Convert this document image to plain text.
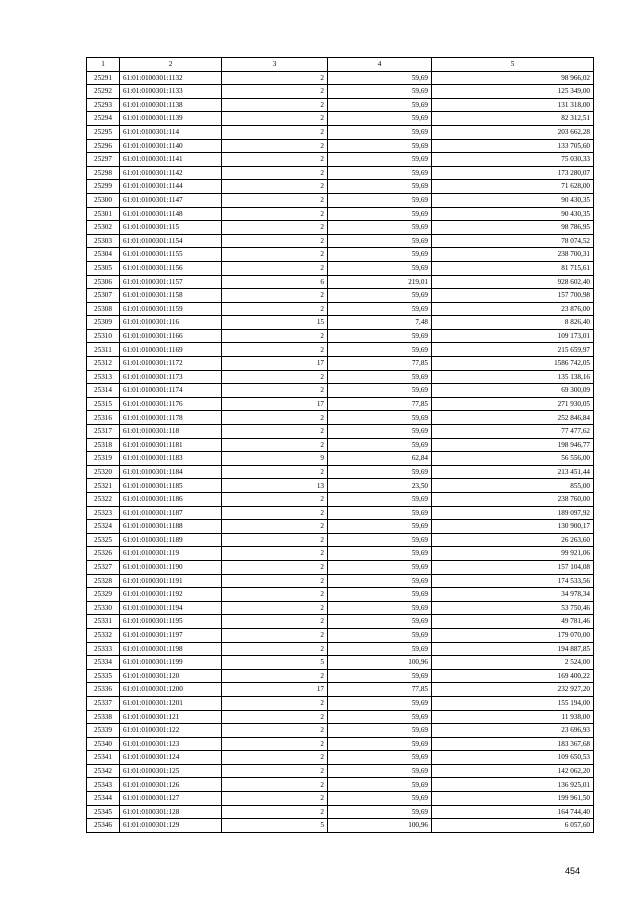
1	2	3	4	5
25291	61:01:0100301:1132	2	59,69	98 966,02
25292	61:01:0100301:1133	2	59,69	125 349,00
25293	61:01:0100301:1138	2	59,69	131 318,00
25294	61:01:0100301:1139	2	59,69	82 312,51
25295	61:01:0100301:114	2	59,69	203 662,28
25296	61:01:0100301:1140	2	59,69	133 705,60
25297	61:01:0100301:1141	2	59,69	75 030,33
25298	61:01:0100301:1142	2	59,69	173 280,07
25299	61:01:0100301:1144	2	59,69	71 628,00
25300	61:01:0100301:1147	2	59,69	90 430,35
25301	61:01:0100301:1148	2	59,69	90 430,35
25302	61:01:0100301:115	2	59,69	98 786,95
25303	61:01:0100301:1154	2	59,69	78 074,52
25304	61:01:0100301:1155	2	59,69	238 700,31
25305	61:01:0100301:1156	2	59,69	81 715,61
25306	61:01:0100301:1157	6	219,01	928 602,40
25307	61:01:0100301:1158	2	59,69	157 700,98
25308	61:01:0100301:1159	2	59,69	23 876,00
25309	61:01:0100301:116	15	7,48	8 826,40
25310	61:01:0100301:1166	2	59,69	109 173,01
25311	61:01:0100301:1169	2	59,69	215 659,97
25312	61:01:0100301:1172	17	77,85	1586 742,05
25313	61:01:0100301:1173	2	59,69	135 138,16
25314	61:01:0100301:1174	2	59,69	69 300,09
25315	61:01:0100301:1176	17	77,85	271 930,05
25316	61:01:0100301:1178	2	59,69	252 846,84
25317	61:01:0100301:118	2	59,69	77 477,62
25318	61:01:0100301:1181	2	59,69	198 946,77
25319	61:01:0100301:1183	9	62,84	56 556,00
25320	61:01:0100301:1184	2	59,69	213 451,44
25321	61:01:0100301:1185	13	23,50	855,00
25322	61:01:0100301:1186	2	59,69	238 760,00
25323	61:01:0100301:1187	2	59,69	189 097,92
25324	61:01:0100301:1188	2	59,69	130 900,17
25325	61:01:0100301:1189	2	59,69	26 263,60
25326	61:01:0100301:119	2	59,69	99 921,06
25327	61:01:0100301:1190	2	59,69	157 104,08
25328	61:01:0100301:1191	2	59,69	174 533,56
25329	61:01:0100301:1192	2	59,69	34 978,34
25330	61:01:0100301:1194	2	59,69	53 750,46
25331	61:01:0100301:1195	2	59,69	49 781,46
25332	61:01:0100301:1197	2	59,69	179 070,00
25333	61:01:0100301:1198	2	59,69	194 887,85
25334	61:01:0100301:1199	5	100,96	2 524,00
25335	61:01:0100301:120	2	59,69	169 400,22
25336	61:01:0100301:1200	17	77,85	232 927,20
25337	61:01:0100301:1201	2	59,69	155 194,00
25338	61:01:0100301:121	2	59,69	11 938,00
25339	61:01:0100301:122	2	59,69	23 696,93
25340	61:01:0100301:123	2	59,69	183 367,68
25341	61:01:0100301:124	2	59,69	109 650,53
25342	61:01:0100301:125	2	59,69	142 062,20
25343	61:01:0100301:126	2	59,69	136 925,01
25344	61:01:0100301:127	2	59,69	199 961,50
25345	61:01:0100301:128	2	59,69	164 744,40
25346	61:01:0100301:129	5	100,96	6 057,60
454
